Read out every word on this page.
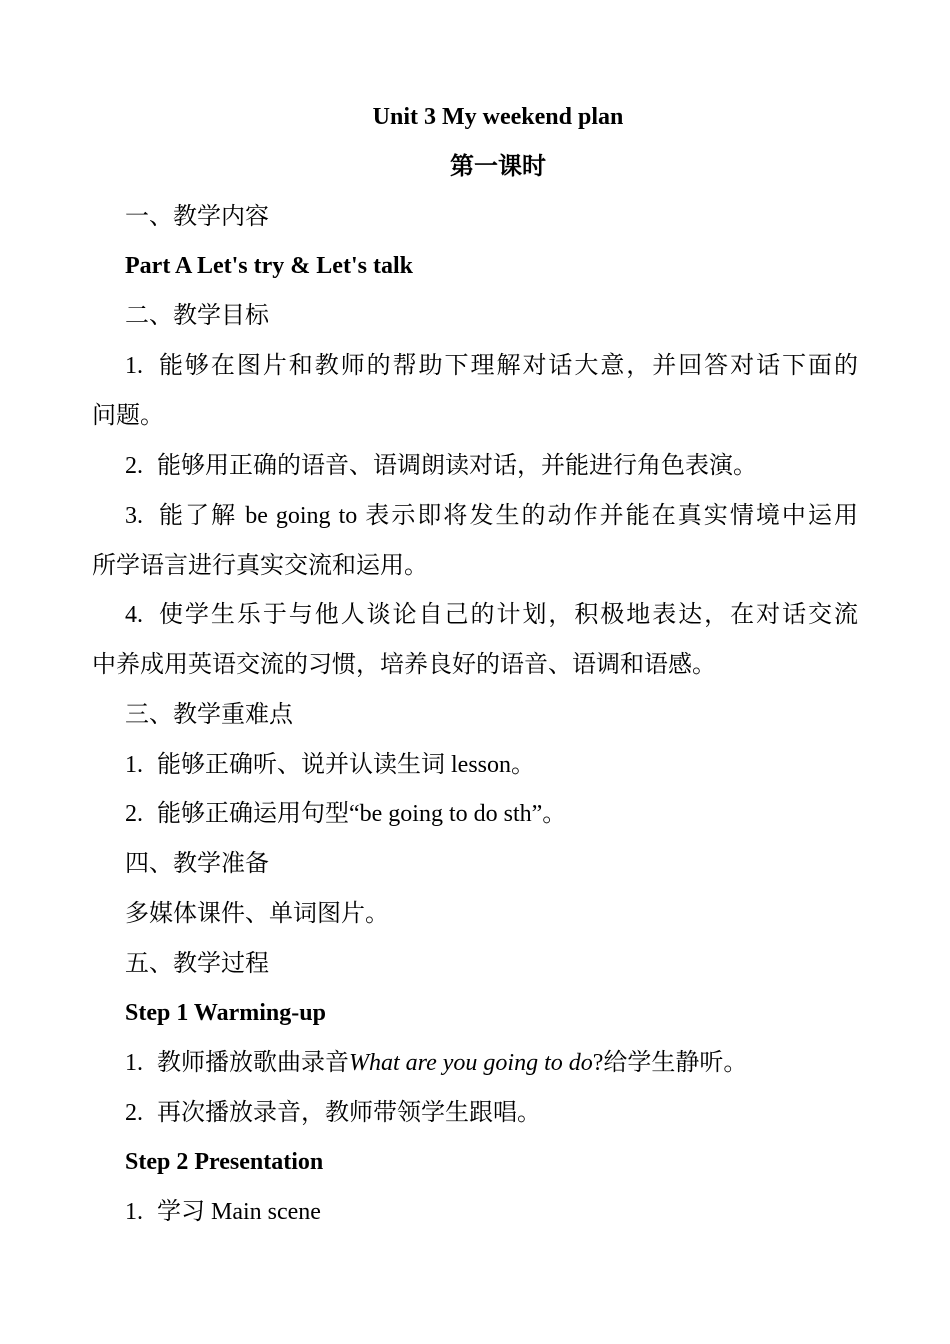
Unit 3 My weekend plan
第一课时
一、教学内容
Part A Let's try & Let's talk
二、教学目标
1. 能够在图片和教师的帮助下理解对话大意，并回答对话下面的
问题。
2. 能够用正确的语音、语调朗读对话，并能进行角色表演。
3. 能了解 be going to 表示即将发生的动作并能在真实情境中运用
所学语言进行真实交流和运用。
4. 使学生乐于与他人谈论自己的计划，积极地表达，在对话交流
中养成用英语交流的习惯，培养良好的语音、语调和语感。
三、教学重难点
1. 能够正确听、说并认读生词 lesson。
2. 能够正确运用句型“be going to do sth”。
四、教学准备
多媒体课件、单词图片。
五、教学过程
Step 1 Warming-up
1. 教师播放歌曲录音What are you going to do?给学生静听。
2. 再次播放录音，教师带领学生跟唱。
Step 2 Presentation
1. 学习 Main scene
